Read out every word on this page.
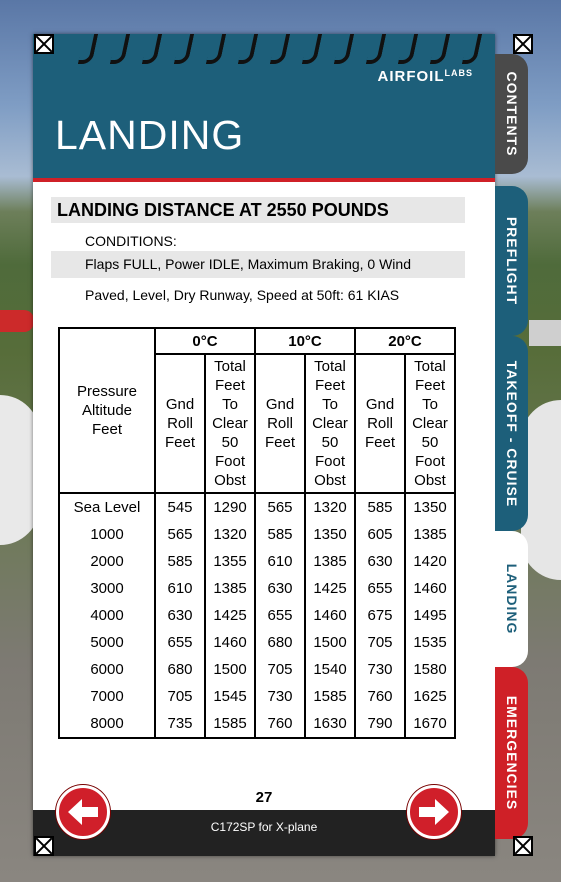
$AIRFOIL^{LABS}$
LANDING
LANDING DISTANCE AT 2550 POUNDS
CONDITIONS:
Flaps FULL, Power IDLE, Maximum Braking, 0 Wind
Paved, Level, Dry Runway, Speed at 50ft: 61 KIAS
Pressure Altitude Feet	0°C		10°C		20°C	
	Gnd Roll Feet	Total Feet To Clear 50 Foot Obst	Gnd Roll Feet	Total Feet To Clear 50 Foot Obst	Gnd Roll Feet	Total Feet To Clear 50 Foot Obst
Sea Level	545	1290	565	1320	585	1350
1000	565	1320	585	1350	605	1385
2000	585	1355	610	1385	630	1420
3000	610	1385	630	1425	655	1460
4000	630	1425	655	1460	675	1495
5000	655	1460	680	1500	705	1535
6000	680	1500	705	1540	730	1580
7000	705	1545	730	1585	760	1625
8000	735	1585	760	1630	790	1670
27
C172SP for X-plane
CONTENTS
PREFLIGHT
TAKEOFF - CRUISE
LANDING
EMERGENCIES
